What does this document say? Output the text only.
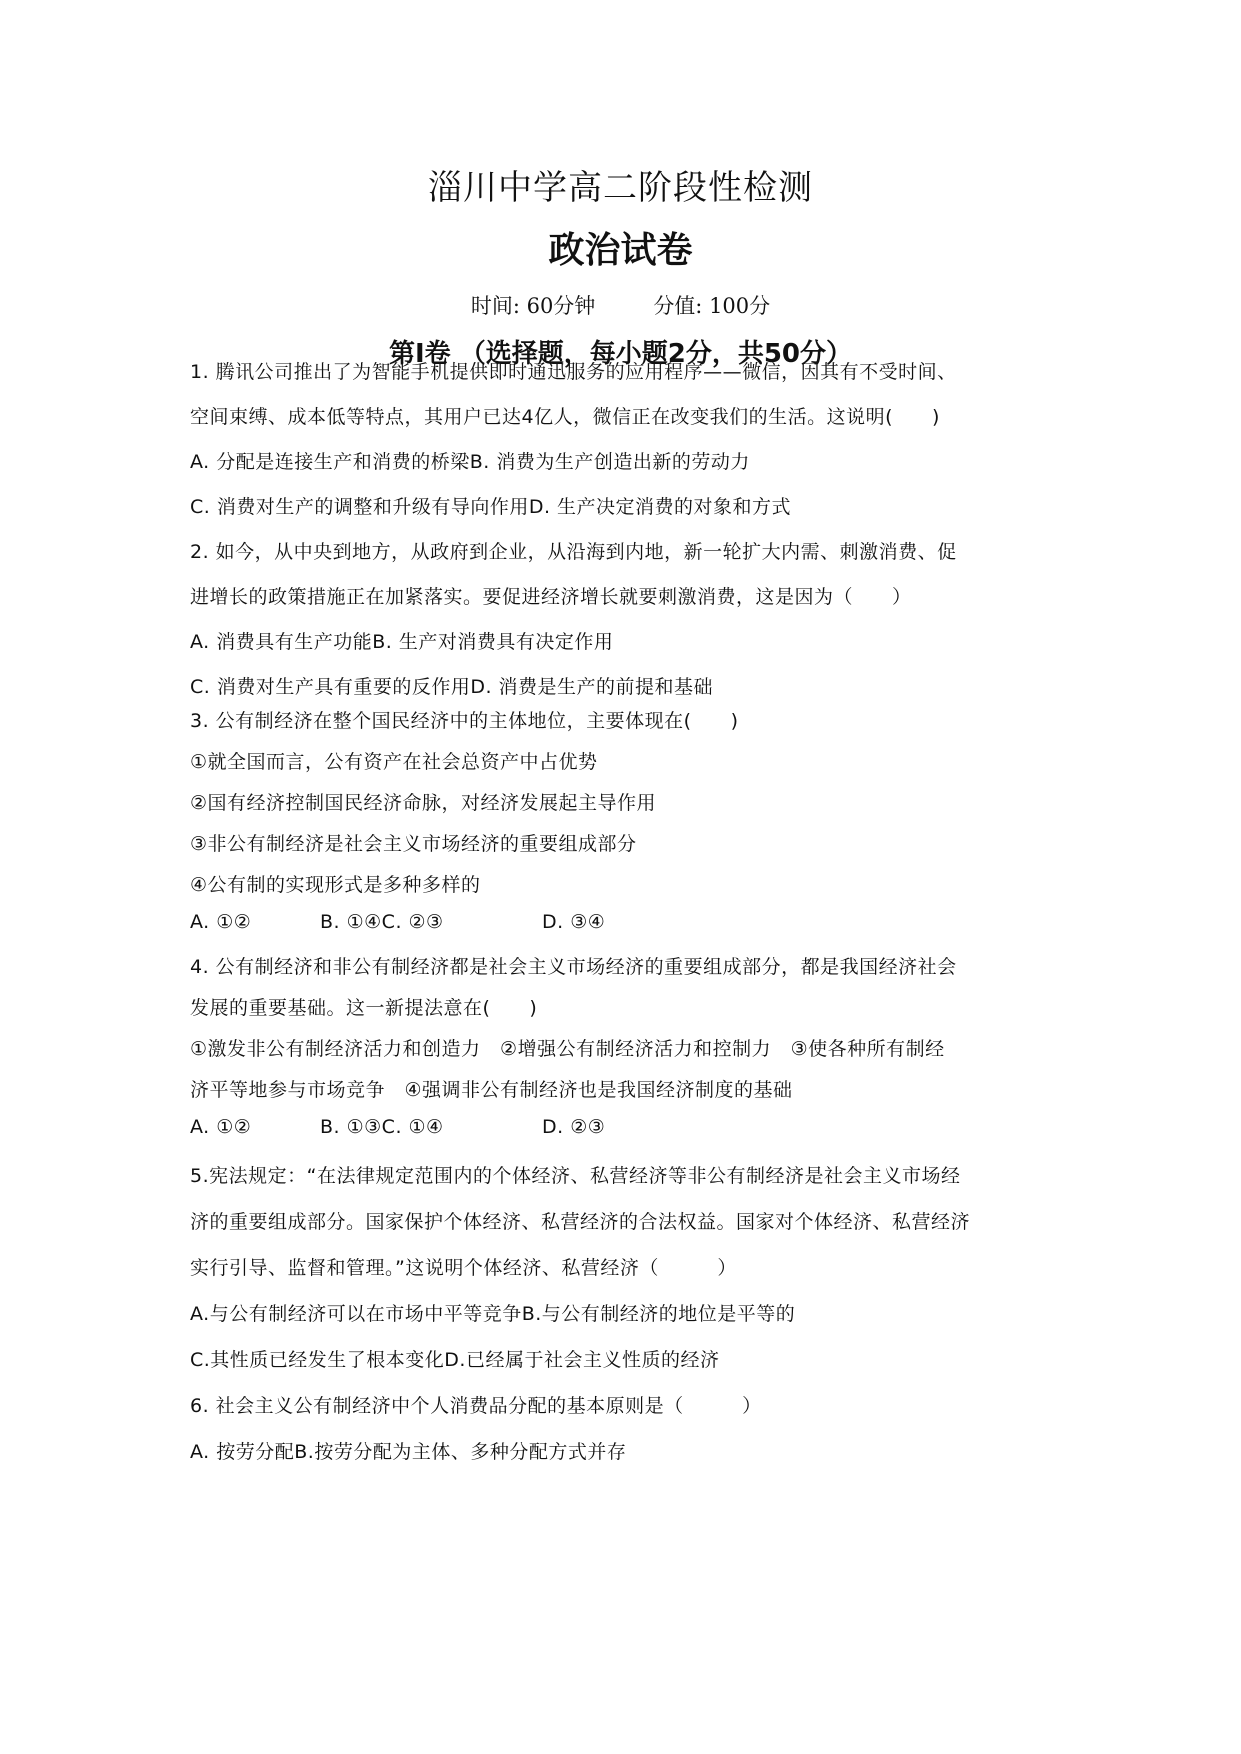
淄川中学高二阶段性检测
政治试卷
时间: 60分钟	分值: 100分
第Ⅰ卷 （选择题，每小题2分，共50分）
1. 腾讯公司推出了为智能手机提供即时通迅服务的应用程序——微信，因其有不受时间、
空间束缚、成本低等特点，其用户已达4亿人，微信正在改变我们的生活。这说明(　　)
A. 分配是连接生产和消费的桥梁B. 消费为生产创造出新的劳动力
C. 消费对生产的调整和升级有导向作用D. 生产决定消费的对象和方式
2. 如今，从中央到地方，从政府到企业，从沿海到内地，新一轮扩大内需、刺激消费、促
进增长的政策措施正在加紧落实。要促进经济增长就要刺激消费，这是因为（　　）
A. 消费具有生产功能B. 生产对消费具有决定作用
C. 消费对生产具有重要的反作用D. 消费是生产的前提和基础
3. 公有制经济在整个国民经济中的主体地位，主要体现在(　　)
①就全国而言，公有资产在社会总资产中占优势
②国有经济控制国民经济命脉，对经济发展起主导作用
③非公有制经济是社会主义市场经济的重要组成部分
④公有制的实现形式是多种多样的
A. ①②	B. ①④C. ②③	D. ③④
4. 公有制经济和非公有制经济都是社会主义市场经济的重要组成部分，都是我国经济社会
发展的重要基础。这一新提法意在(　　)
①激发非公有制经济活力和创造力　②增强公有制经济活力和控制力　③使各种所有制经
济平等地参与市场竞争　④强调非公有制经济也是我国经济制度的基础
A. ①②	B. ①③C. ①④	D. ②③
5.宪法规定：“在法律规定范围内的个体经济、私营经济等非公有制经济是社会主义市场经
济的重要组成部分。国家保护个体经济、私营经济的合法权益。国家对个体经济、私营经济
实行引导、监督和管理。”这说明个体经济、私营经济（　　　）
A.与公有制经济可以在市场中平等竞争B.与公有制经济的地位是平等的
C.其性质已经发生了根本变化D.已经属于社会主义性质的经济
6. 社会主义公有制经济中个人消费品分配的基本原则是（　　　）
A. 按劳分配B.按劳分配为主体、多种分配方式并存
